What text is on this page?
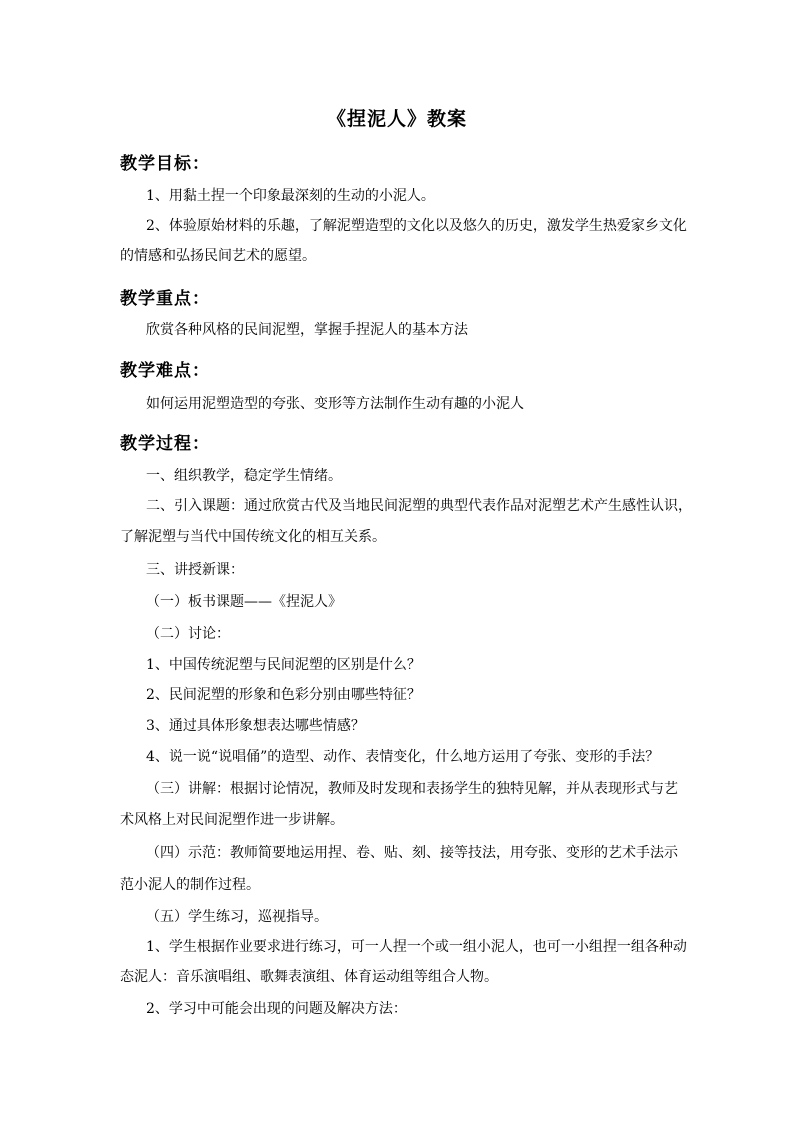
《捏泥人》教案
教学目标：
1、用黏土捏一个印象最深刻的生动的小泥人。
2、体验原始材料的乐趣，了解泥塑造型的文化以及悠久的历史，激发学生热爱家乡文化
的情感和弘扬民间艺术的愿望。
教学重点：
欣赏各种风格的民间泥塑，掌握手捏泥人的基本方法
教学难点：
如何运用泥塑造型的夸张、变形等方法制作生动有趣的小泥人
教学过程：
一、组织教学，稳定学生情绪。
二、引入课题：通过欣赏古代及当地民间泥塑的典型代表作品对泥塑艺术产生感性认识，
了解泥塑与当代中国传统文化的相互关系。
三、讲授新课：
（一）板书课题——《捏泥人》
（二）讨论：
1、中国传统泥塑与民间泥塑的区别是什么？
2、民间泥塑的形象和色彩分别由哪些特征？
3、通过具体形象想表达哪些情感？
4、说一说“说唱俑”的造型、动作、表情变化，什么地方运用了夸张、变形的手法？
（三）讲解：根据讨论情况，教师及时发现和表扬学生的独特见解，并从表现形式与艺
术风格上对民间泥塑作进一步讲解。
（四）示范：教师简要地运用捏、卷、贴、刻、接等技法，用夸张、变形的艺术手法示
范小泥人的制作过程。
（五）学生练习，巡视指导。
1、学生根据作业要求进行练习，可一人捏一个或一组小泥人，也可一小组捏一组各种动
态泥人：音乐演唱组、歌舞表演组、体育运动组等组合人物。
2、学习中可能会出现的问题及解决方法：
